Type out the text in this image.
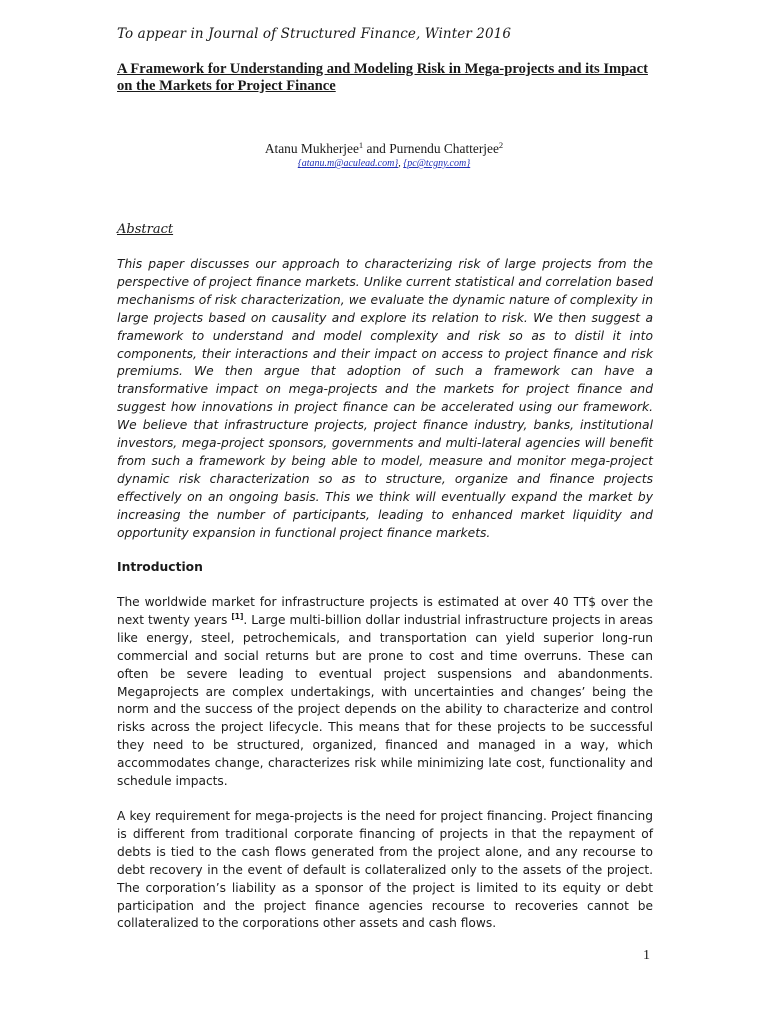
To appear in Journal of Structured Finance, Winter 2016
A Framework for Understanding and Modeling Risk in Mega-projects and its Impact on the Markets for Project Finance
Atanu Mukherjee$^1$ and Purnendu Chatterjee$^2$
{atanu.m@aculead.com}, {pc@tcgny.com}
Abstract

This paper discusses our approach to characterizing risk of large projects from the perspective of project finance markets. Unlike current statistical and correlation based mechanisms of risk characterization, we evaluate the dynamic nature of complexity in large projects based on causality and explore its relation to risk. We then suggest a framework to understand and model complexity and risk so as to distil it into components, their interactions and their impact on access to project finance and risk premiums. We then argue that adoption of such a framework can have a transformative impact on mega-projects and the markets for project finance and suggest how innovations in project finance can be accelerated using our framework. We believe that infrastructure projects, project finance industry, banks, institutional investors, mega-project sponsors, governments and multi-lateral agencies will benefit from such a framework by being able to model, measure and monitor mega-project dynamic risk characterization so as to structure, organize and finance projects effectively on an ongoing basis. This we think will eventually expand the market by increasing the number of participants, leading to enhanced market liquidity and opportunity expansion in functional project finance markets.

Introduction

The worldwide market for infrastructure projects is estimated at over 40 TT$ over the next twenty years [1]. Large multi-billion dollar industrial infrastructure projects in areas like energy, steel, petrochemicals, and transportation can yield superior long-run commercial and social returns but are prone to cost and time overruns. These can often be severe leading to eventual project suspensions and abandonments. Megaprojects are complex undertakings, with uncertainties and changes’ being the norm and the success of the project depends on the ability to characterize and control risks across the project lifecycle. This means that for these projects to be successful they need to be structured, organized, financed and managed in a way, which accommodates change, characterizes risk while minimizing late cost, functionality and schedule impacts.

A key requirement for mega-projects is the need for project financing. Project financing is different from traditional corporate financing of projects in that the repayment of debts is tied to the cash flows generated from the project alone, and any recourse to debt recovery in the event of default is collateralized only to the assets of the project. The corporation’s liability as a sponsor of the project is limited to its equity or debt participation and the project finance agencies recourse to recoveries cannot be collateralized to the corporations other assets and cash flows.

1
